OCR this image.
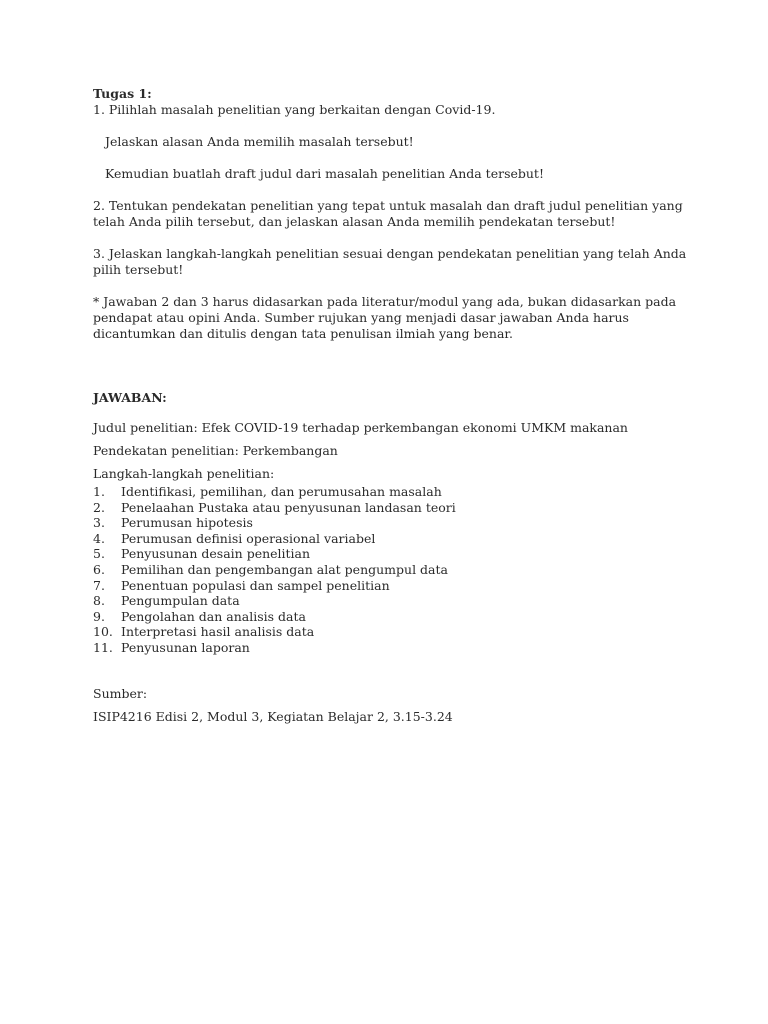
Tugas 1:
1. Pilihlah masalah penelitian yang berkaitan dengan Covid-19.
Jelaskan alasan Anda memilih masalah tersebut!
Kemudian buatlah draft judul dari masalah penelitian Anda tersebut!
2. Tentukan pendekatan penelitian yang tepat untuk masalah dan draft judul penelitian yang
telah Anda pilih tersebut, dan jelaskan alasan Anda memilih pendekatan tersebut!
3. Jelaskan langkah-langkah penelitian sesuai dengan pendekatan penelitian yang telah Anda
pilih tersebut!
* Jawaban 2 dan 3 harus didasarkan pada literatur/modul yang ada, bukan didasarkan pada
pendapat atau opini Anda. Sumber rujukan yang menjadi dasar jawaban Anda harus
dicantumkan dan ditulis dengan tata penulisan ilmiah yang benar.
JAWABAN:
Judul penelitian: Efek COVID-19 terhadap perkembangan ekonomi UMKM makanan
Pendekatan penelitian: Perkembangan
Langkah-langkah penelitian:
1.	Identifikasi, pemilihan, dan perumusahan masalah
2.	Penelaahan Pustaka atau penyusunan landasan teori
3.	Perumusan hipotesis
4.	Perumusan definisi operasional variabel
5.	Penyusunan desain penelitian
6.	Pemilihan dan pengembangan alat pengumpul data
7.	Penentuan populasi dan sampel penelitian
8.	Pengumpulan data
9.	Pengolahan dan analisis data
10. Interpretasi hasil analisis data
11. Penyusunan laporan
Sumber:
ISIP4216 Edisi 2, Modul 3, Kegiatan Belajar 2, 3.15-3.24
